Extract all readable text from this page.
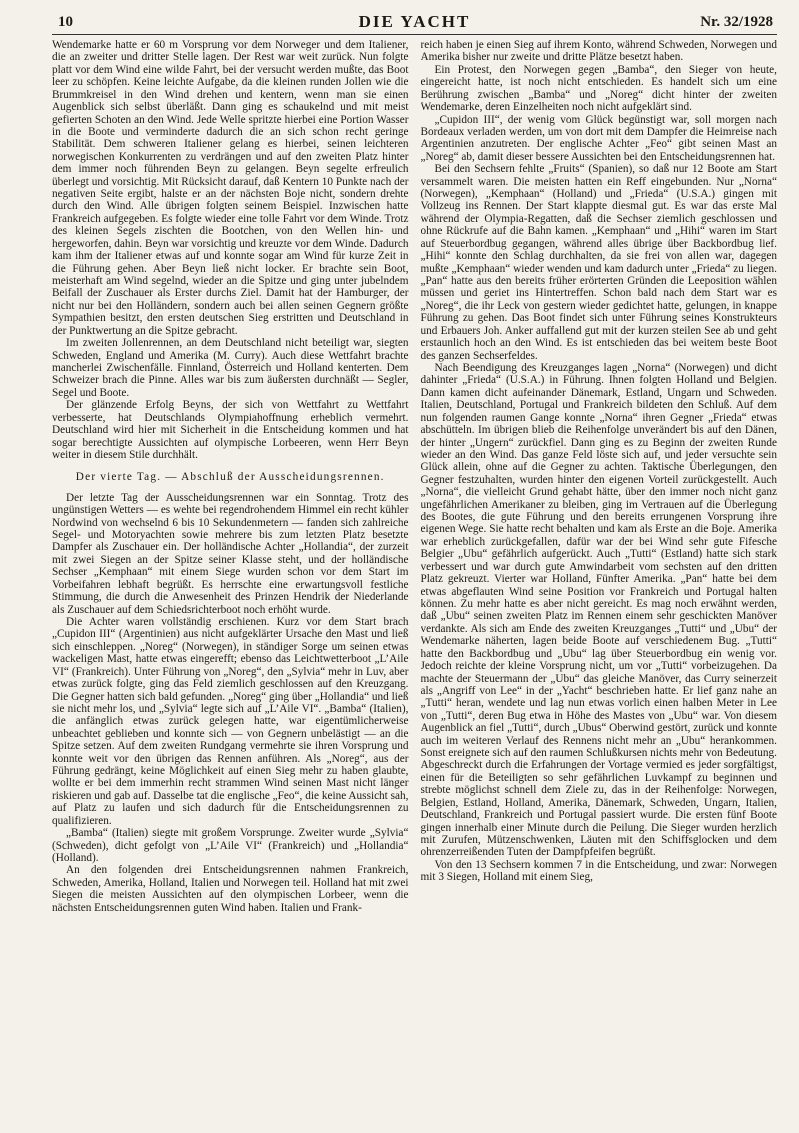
10	DIE YACHT	Nr. 32/1928

Wendemarke hatte er 60 m Vorsprung vor dem Norweger und dem Italiener, die an zweiter und dritter Stelle lagen. Der Rest war weit zurück. Nun folgte platt vor dem Wind eine wilde Fahrt, bei der versucht werden mußte, das Boot leer zu schöpfen. Keine leichte Aufgabe, da die kleinen runden Jollen wie die Brummkreisel in den Wind drehen und kentern, wenn man sie einen Augenblick sich selbst überläßt. Dann ging es schaukelnd und mit meist gefierten Schoten an den Wind. Jede Welle spritzte hierbei eine Portion Wasser in die Boote und verminderte dadurch die an sich schon recht geringe Stabilität. Dem schweren Italiener gelang es hierbei, seinen leichteren norwegischen Konkurrenten zu verdrängen und auf den zweiten Platz hinter dem immer noch führenden Beyn zu gelangen. Beyn segelte erfreulich überlegt und vorsichtig. Mit Rücksicht darauf, daß Kentern 10 Punkte nach der negativen Seite ergibt, halste er an der nächsten Boje nicht, sondern drehte durch den Wind. Alle übrigen folgten seinem Beispiel. Inzwischen hatte Frankreich aufgegeben. Es folgte wieder eine tolle Fahrt vor dem Winde. Trotz des kleinen Segels zischten die Bootchen, von den Wellen hin- und hergeworfen, dahin. Beyn war vorsichtig und kreuzte vor dem Winde. Dadurch kam ihm der Italiener etwas auf und konnte sogar am Wind für kurze Zeit in die Führung gehen. Aber Beyn ließ nicht locker. Er brachte sein Boot, meisterhaft am Wind segelnd, wieder an die Spitze und ging unter jubelndem Beifall der Zuschauer als Erster durchs Ziel. Damit hat der Hamburger, der nicht nur bei den Holländern, sondern auch bei allen seinen Gegnern größte Sympathien besitzt, den ersten deutschen Sieg erstritten und Deutschland in der Punktwertung an die Spitze gebracht.

Im zweiten Jollenrennen, an dem Deutschland nicht beteiligt war, siegten Schweden, England und Amerika (M. Curry). Auch diese Wettfahrt brachte mancherlei Zwischenfälle. Finnland, Österreich und Holland kenterten. Dem Schweizer brach die Pinne. Alles war bis zum äußersten durchnäßt — Segler, Segel und Boote.

Der glänzende Erfolg Beyns, der sich von Wettfahrt zu Wettfahrt verbesserte, hat Deutschlands Olympiahoffnung erheblich vermehrt. Deutschland wird hier mit Sicherheit in die Entscheidung kommen und hat sogar berechtigte Aussichten auf olympische Lorbeeren, wenn Herr Beyn weiter in diesem Stile durchhält.

Der vierte Tag. — Abschluß der Ausscheidungsrennen.

Der letzte Tag der Ausscheidungsrennen war ein Sonntag. Trotz des ungünstigen Wetters — es wehte bei regendrohendem Himmel ein recht kühler Nordwind von wechselnd 6 bis 10 Sekundenmetern — fanden sich zahlreiche Segel- und Motoryachten sowie mehrere bis zum letzten Platz besetzte Dampfer als Zuschauer ein. Der holländische Achter „Hollandia“, der zurzeit mit zwei Siegen an der Spitze seiner Klasse steht, und der holländische Sechser „Kemphaan“ mit einem Siege wurden schon vor dem Start im Vorbeifahren lebhaft begrüßt. Es herrschte eine erwartungsvoll festliche Stimmung, die durch die Anwesenheit des Prinzen Hendrik der Niederlande als Zuschauer auf dem Schiedsrichterboot noch erhöht wurde.

Die Achter waren vollständig erschienen. Kurz vor dem Start brach „Cupidon III“ (Argentinien) aus nicht aufgeklärter Ursache den Mast und ließ sich einschleppen. „Noreg“ (Norwegen), in ständiger Sorge um seinen etwas wackeligen Mast, hatte etwas eingerefft; ebenso das Leichtwetterboot „L’Aile VI“ (Frankreich). Unter Führung von „Noreg“, den „Sylvia“ mehr in Luv, aber etwas zurück folgte, ging das Feld ziemlich geschlossen auf den Kreuzgang. Die Gegner hatten sich bald gefunden. „Noreg“ ging über „Hollandia“ und ließ sie nicht mehr los, und „Sylvia“ legte sich auf „L’Aile VI“. „Bamba“ (Italien), die anfänglich etwas zurück gelegen hatte, war eigentümlicherweise unbeachtet geblieben und konnte sich — von Gegnern unbelästigt — an die Spitze setzen. Auf dem zweiten Rundgang vermehrte sie ihren Vorsprung und konnte weit vor den übrigen das Rennen anführen. Als „Noreg“, aus der Führung gedrängt, keine Möglichkeit auf einen Sieg mehr zu haben glaubte, wollte er bei dem immerhin recht strammen Wind seinen Mast nicht länger riskieren und gab auf. Dasselbe tat die englische „Feo“, die keine Aussicht sah, auf Platz zu laufen und sich dadurch für die Entscheidungsrennen zu qualifizieren.

„Bamba“ (Italien) siegte mit großem Vorsprunge. Zweiter wurde „Sylvia“ (Schweden), dicht gefolgt von „L’Aile VI“ (Frankreich) und „Hollandia“ (Holland).

An den folgenden drei Entscheidungsrennen nahmen Frankreich, Schweden, Amerika, Holland, Italien und Norwegen teil. Holland hat mit zwei Siegen die meisten Aussichten auf den olympischen Lorbeer, wenn die nächsten Entscheidungsrennen guten Wind haben. Italien und Frank-

reich haben je einen Sieg auf ihrem Konto, während Schweden, Norwegen und Amerika bisher nur zweite und dritte Plätze besetzt haben.

Ein Protest, den Norwegen gegen „Bamba“, den Sieger von heute, eingereicht hatte, ist noch nicht entschieden. Es handelt sich um eine Berührung zwischen „Bamba“ und „Noreg“ dicht hinter der zweiten Wendemarke, deren Einzelheiten noch nicht aufgeklärt sind.

„Cupidon III“, der wenig vom Glück begünstigt war, soll morgen nach Bordeaux verladen werden, um von dort mit dem Dampfer die Heimreise nach Argentinien anzutreten. Der englische Achter „Feo“ gibt seinen Mast an „Noreg“ ab, damit dieser bessere Aussichten bei den Entscheidungsrennen hat.

Bei den Sechsern fehlte „Fruits“ (Spanien), so daß nur 12 Boote am Start versammelt waren. Die meisten hatten ein Reff eingebunden. Nur „Norna“ (Norwegen), „Kemphaan“ (Holland) und „Frieda“ (U.S.A.) gingen mit Vollzeug ins Rennen. Der Start klappte diesmal gut. Es war das erste Mal während der Olympia-Regatten, daß die Sechser ziemlich geschlossen und ohne Rückrufe auf die Bahn kamen. „Kemphaan“ und „Hihi“ waren im Start auf Steuerbordbug gegangen, während alles übrige über Backbordbug lief. „Hihi“ konnte den Schlag durchhalten, da sie frei von allen war, dagegen mußte „Kemphaan“ wieder wenden und kam dadurch unter „Frieda“ zu liegen. „Pan“ hatte aus den bereits früher erörterten Gründen die Leeposition wählen müssen und geriet ins Hintertreffen. Schon bald nach dem Start war es „Noreg“, die ihr Leck von gestern wieder gedichtet hatte, gelungen, in knappe Führung zu gehen. Das Boot findet sich unter Führung seines Konstrukteurs und Erbauers Joh. Anker auffallend gut mit der kurzen steilen See ab und geht erstaunlich hoch an den Wind. Es ist entschieden das bei weitem beste Boot des ganzen Sechserfeldes.

Nach Beendigung des Kreuzganges lagen „Norna“ (Norwegen) und dicht dahinter „Frieda“ (U.S.A.) in Führung. Ihnen folgten Holland und Belgien. Dann kamen dicht aufeinander Dänemark, Estland, Ungarn und Schweden. Italien, Deutschland, Portugal und Frankreich bildeten den Schluß. Auf dem nun folgenden raumen Gange konnte „Norna“ ihren Gegner „Frieda“ etwas abschütteln. Im übrigen blieb die Reihenfolge unverändert bis auf den Dänen, der hinter „Ungern“ zurückfiel. Dann ging es zu Beginn der zweiten Runde wieder an den Wind. Das ganze Feld löste sich auf, und jeder versuchte sein Glück allein, ohne auf die Gegner zu achten. Taktische Überlegungen, den Gegner festzuhalten, wurden hinter den eigenen Vorteil zurückgestellt. Auch „Norna“, die vielleicht Grund gehabt hätte, über den immer noch nicht ganz ungefährlichen Amerikaner zu bleiben, ging im Vertrauen auf die Überlegung des Bootes, die gute Führung und den bereits errungenen Vorsprung ihre eigenen Wege. Sie hatte recht behalten und kam als Erste an die Boje. Amerika war erheblich zurückgefallen, dafür war der bei Wind sehr gute Fifesche Belgier „Ubu“ gefährlich aufgerückt. Auch „Tutti“ (Estland) hatte sich stark verbessert und war durch gute Amwindarbeit vom sechsten auf den dritten Platz gekreuzt. Vierter war Holland, Fünfter Amerika. „Pan“ hatte bei dem etwas abgeflauten Wind seine Position vor Frankreich und Portugal halten können. Zu mehr hatte es aber nicht gereicht. Es mag noch erwähnt werden, daß „Ubu“ seinen zweiten Platz im Rennen einem sehr geschickten Manöver verdankte. Als sich am Ende des zweiten Kreuzganges „Tutti“ und „Ubu“ der Wendemarke näherten, lagen beide Boote auf verschiedenem Bug. „Tutti“ hatte den Backbordbug und „Ubu“ lag über Steuerbordbug ein wenig vor. Jedoch reichte der kleine Vorsprung nicht, um vor „Tutti“ vorbeizugehen. Da machte der Steuermann der „Ubu“ das gleiche Manöver, das Curry seinerzeit als „Angriff von Lee“ in der „Yacht“ beschrieben hatte. Er lief ganz nahe an „Tutti“ heran, wendete und lag nun etwas vorlich einen halben Meter in Lee von „Tutti“, deren Bug etwa in Höhe des Mastes von „Ubu“ war. Von diesem Augenblick an fiel „Tutti“, durch „Ubus“ Oberwind gestört, zurück und konnte auch im weiteren Verlauf des Rennens nicht mehr an „Ubu“ herankommen. Sonst ereignete sich auf den raumen Schlußkursen nichts mehr von Bedeutung. Abgeschreckt durch die Erfahrungen der Vortage vermied es jeder sorgfältigst, einen für die Beteiligten so sehr gefährlichen Luvkampf zu beginnen und strebte möglichst schnell dem Ziele zu, das in der Reihenfolge: Norwegen, Belgien, Estland, Holland, Amerika, Dänemark, Schweden, Ungarn, Italien, Deutschland, Frankreich und Portugal passiert wurde. Die ersten fünf Boote gingen innerhalb einer Minute durch die Peilung. Die Sieger wurden herzlich mit Zurufen, Mützenschwenken, Läuten mit den Schiffsglocken und dem ohrenzerreißenden Tuten der Dampfpfeifen begrüßt.

Von den 13 Sechsern kommen 7 in die Entscheidung, und zwar: Norwegen mit 3 Siegen, Holland mit einem Sieg,
